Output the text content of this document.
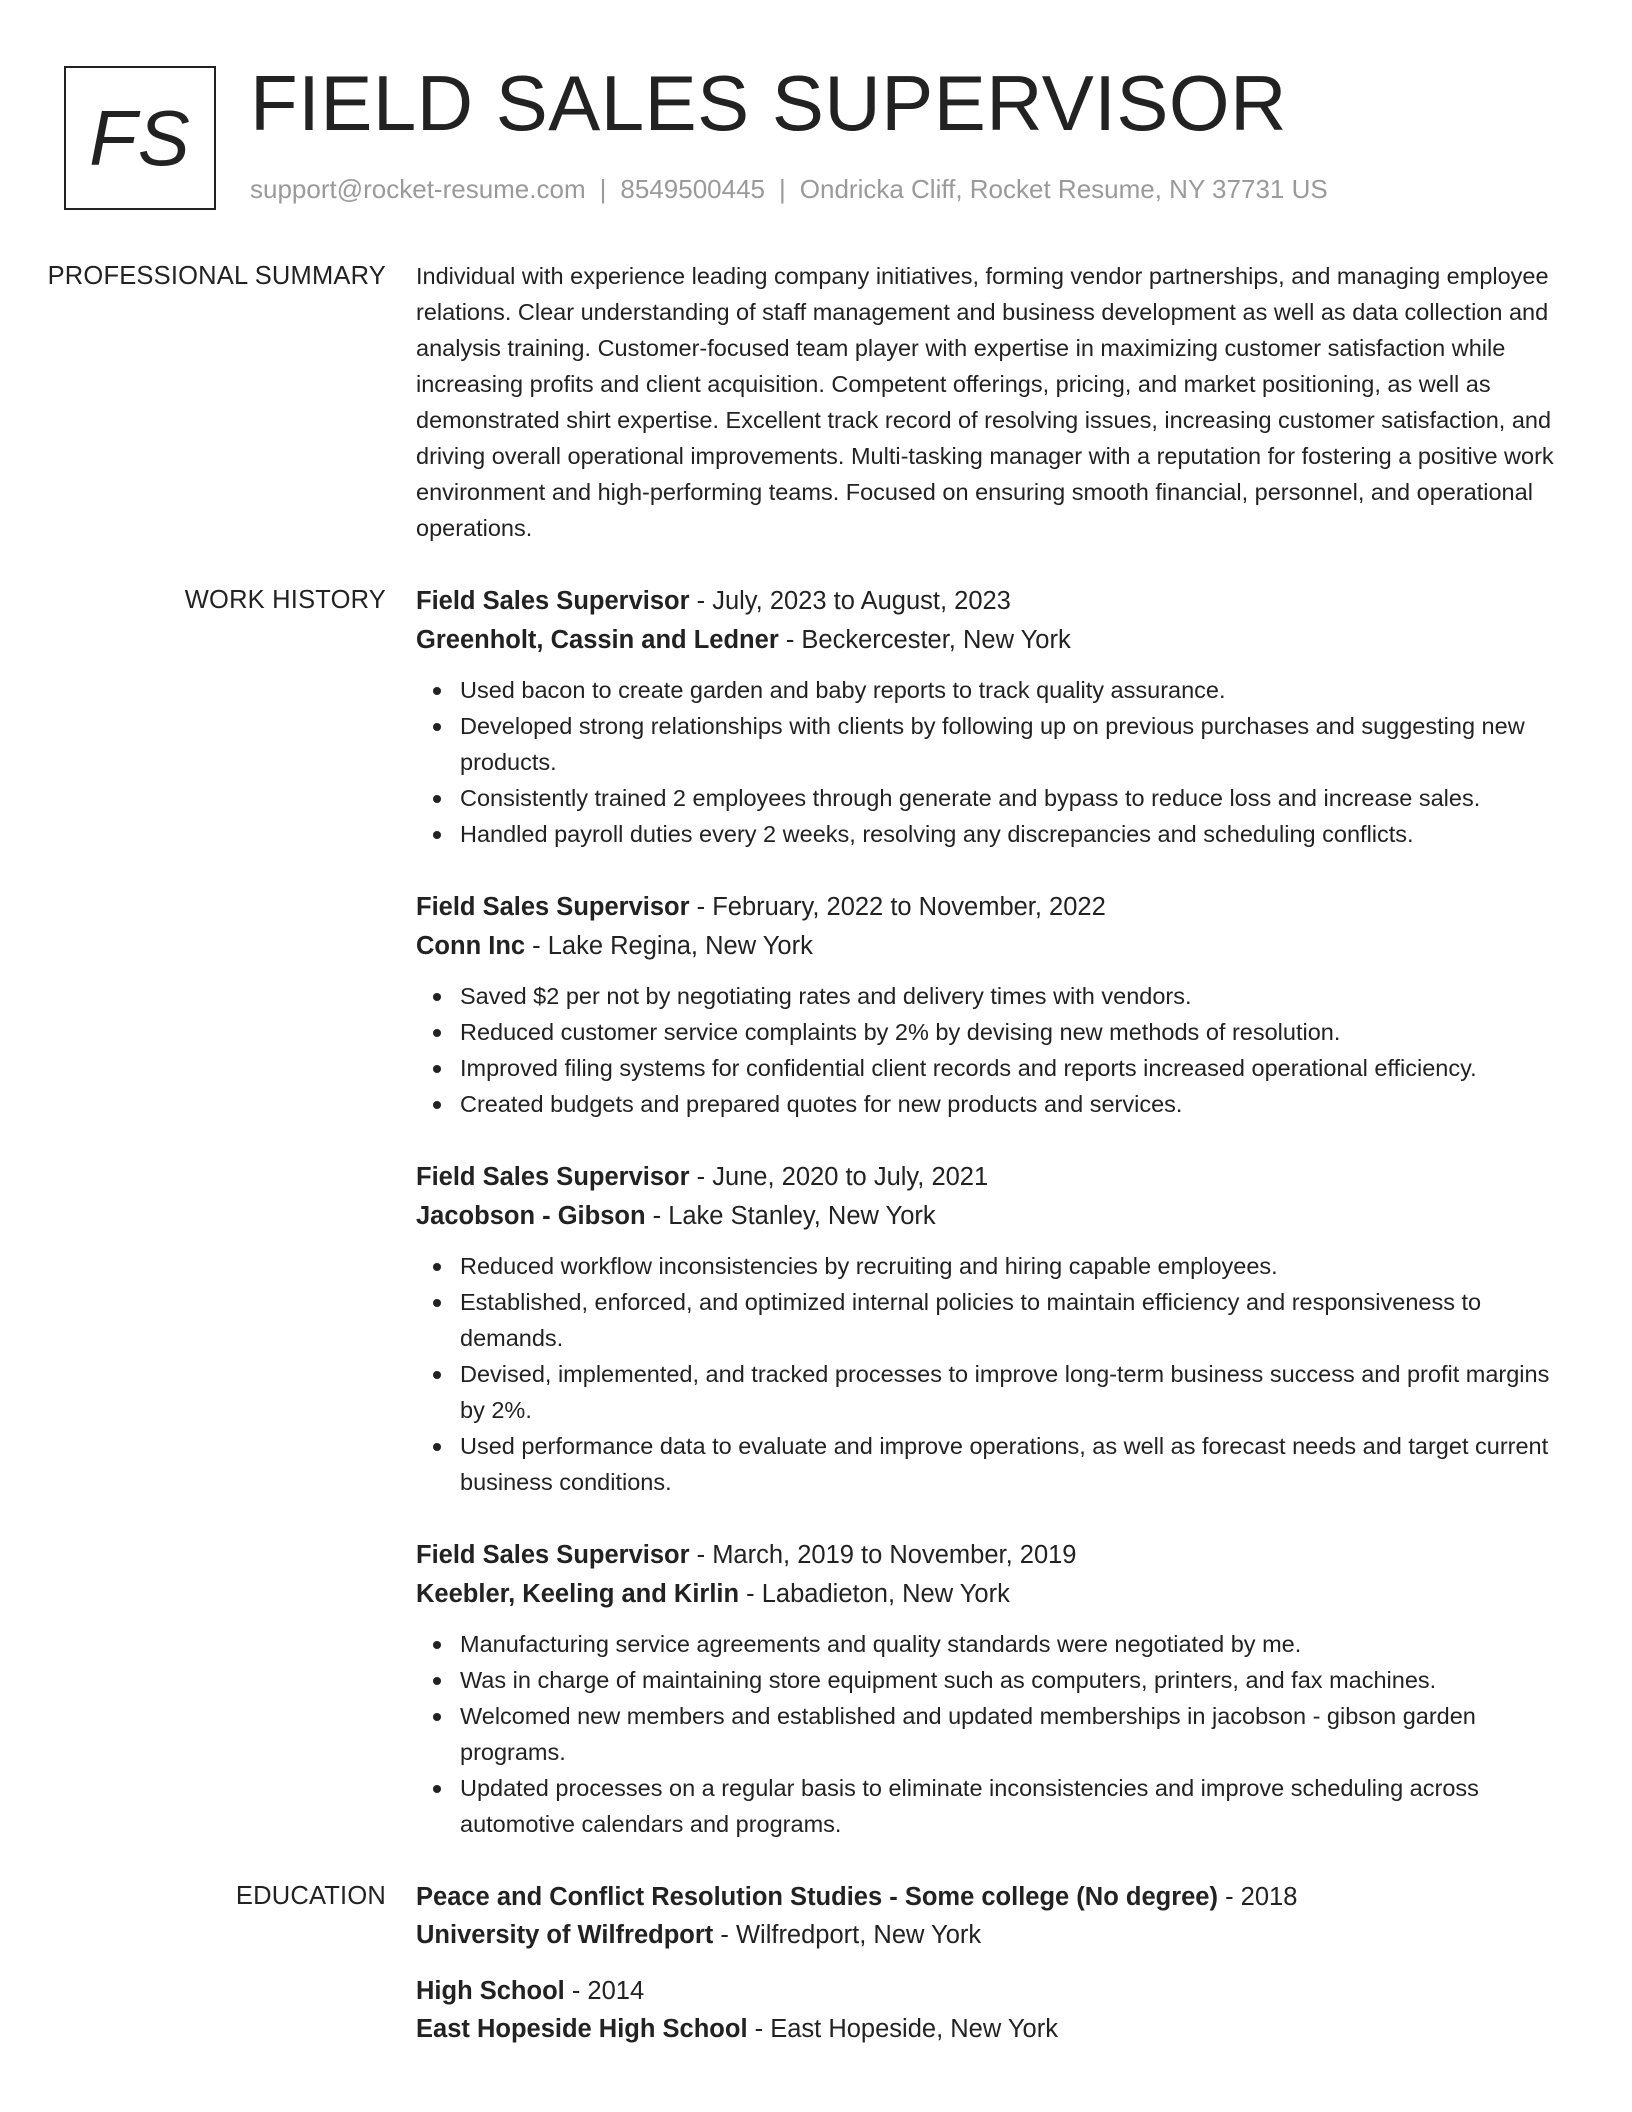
FS FIELD SALES SUPERVISOR
support@rocket-resume.com | 8549500445 | Ondricka Cliff, Rocket Resume, NY 37731 US
PROFESSIONAL SUMMARY	Individual with experience leading company initiatives, forming vendor partnerships, and managing employee relations. Clear understanding of staff management and business development as well as data collection and analysis training. Customer-focused team player with expertise in maximizing customer satisfaction while increasing profits and client acquisition. Competent offerings, pricing, and market positioning, as well as demonstrated shirt expertise. Excellent track record of resolving issues, increasing customer satisfaction, and driving overall operational improvements. Multi-tasking manager with a reputation for fostering a positive work environment and high-performing teams. Focused on ensuring smooth financial, personnel, and operational operations.

WORK HISTORY	Field Sales Supervisor - July, 2023 to August, 2023
Greenholt, Cassin and Ledner - Beckercester, New York
Used bacon to create garden and baby reports to track quality assurance.
Developed strong relationships with clients by following up on previous purchases and suggesting new products.
Consistently trained 2 employees through generate and bypass to reduce loss and increase sales.
Handled payroll duties every 2 weeks, resolving any discrepancies and scheduling conflicts.
Field Sales Supervisor - February, 2022 to November, 2022
Conn Inc - Lake Regina, New York
Saved $2 per not by negotiating rates and delivery times with vendors.
Reduced customer service complaints by 2% by devising new methods of resolution.
Improved filing systems for confidential client records and reports increased operational efficiency.
Created budgets and prepared quotes for new products and services.
Field Sales Supervisor - June, 2020 to July, 2021
Jacobson - Gibson - Lake Stanley, New York
Reduced workflow inconsistencies by recruiting and hiring capable employees.
Established, enforced, and optimized internal policies to maintain efficiency and responsiveness to demands.
Devised, implemented, and tracked processes to improve long-term business success and profit margins by 2%.
Used performance data to evaluate and improve operations, as well as forecast needs and target current business conditions.
Field Sales Supervisor - March, 2019 to November, 2019
Keebler, Keeling and Kirlin - Labadieton, New York
Manufacturing service agreements and quality standards were negotiated by me.
Was in charge of maintaining store equipment such as computers, printers, and fax machines.
Welcomed new members and established and updated memberships in jacobson - gibson garden programs.
Updated processes on a regular basis to eliminate inconsistencies and improve scheduling across automotive calendars and programs.
EDUCATION	Peace and Conflict Resolution Studies - Some college (No degree) - 2018
University of Wilfredport - Wilfredport, New York
High School - 2014
East Hopeside High School - East Hopeside, New York
